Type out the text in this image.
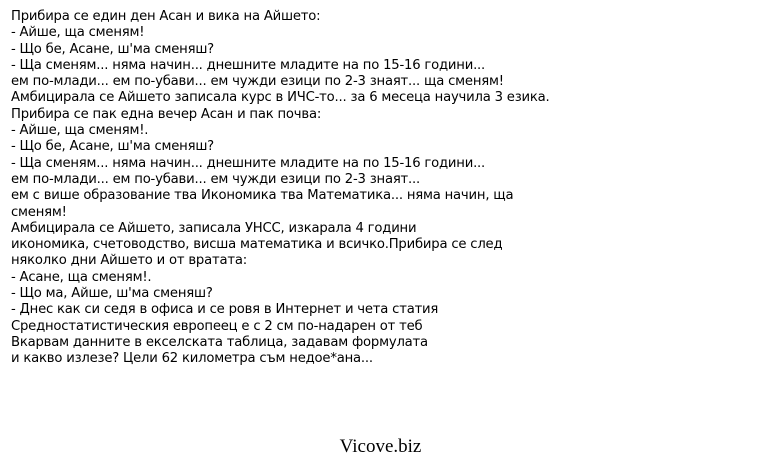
Прибира се един ден Асан и вика на Айшето:
- Айше, ща сменям!
- Що бе, Асане, ш'ма сменяш?
- Ща сменям... няма начин... днешните младите на по 15-16 години...
ем по-млади... ем по-убави... ем чужди езици по 2-3 знаят... ща сменям!
Амбицирала се Айшето записала курс в ИЧС-то... за 6 месеца научила 3 езика.
Прибира се пак една вечер Асан и пак почва:
- Айше, ща сменям!.
- Що бе, Асане, ш'ма сменяш?
- Ща сменям... няма начин... днешните младите на по 15-16 години...
ем по-млади... ем по-убави... ем чужди езици по 2-3 знаят...
ем с више образование тва Икономика тва Математика... няма начин, ща
сменям!
Амбицирала се Айшето, записала УНСС, изкарала 4 години
икономика, счетоводство, висша математика и всичко.Прибира се след
няколко дни Айшето и от вратата:
- Асане, ща сменям!.
- Що ма, Айше, ш'ма сменяш?
- Днес как си седя в офиса и се ровя в Интернет и чета статия
Средностатистическия европеец е с 2 см по-надарен от теб
Вкарвам данните в екселската таблица, задавам формулата
и какво излезе? Цели 62 километра съм недое*ана...
Vicove.biz
